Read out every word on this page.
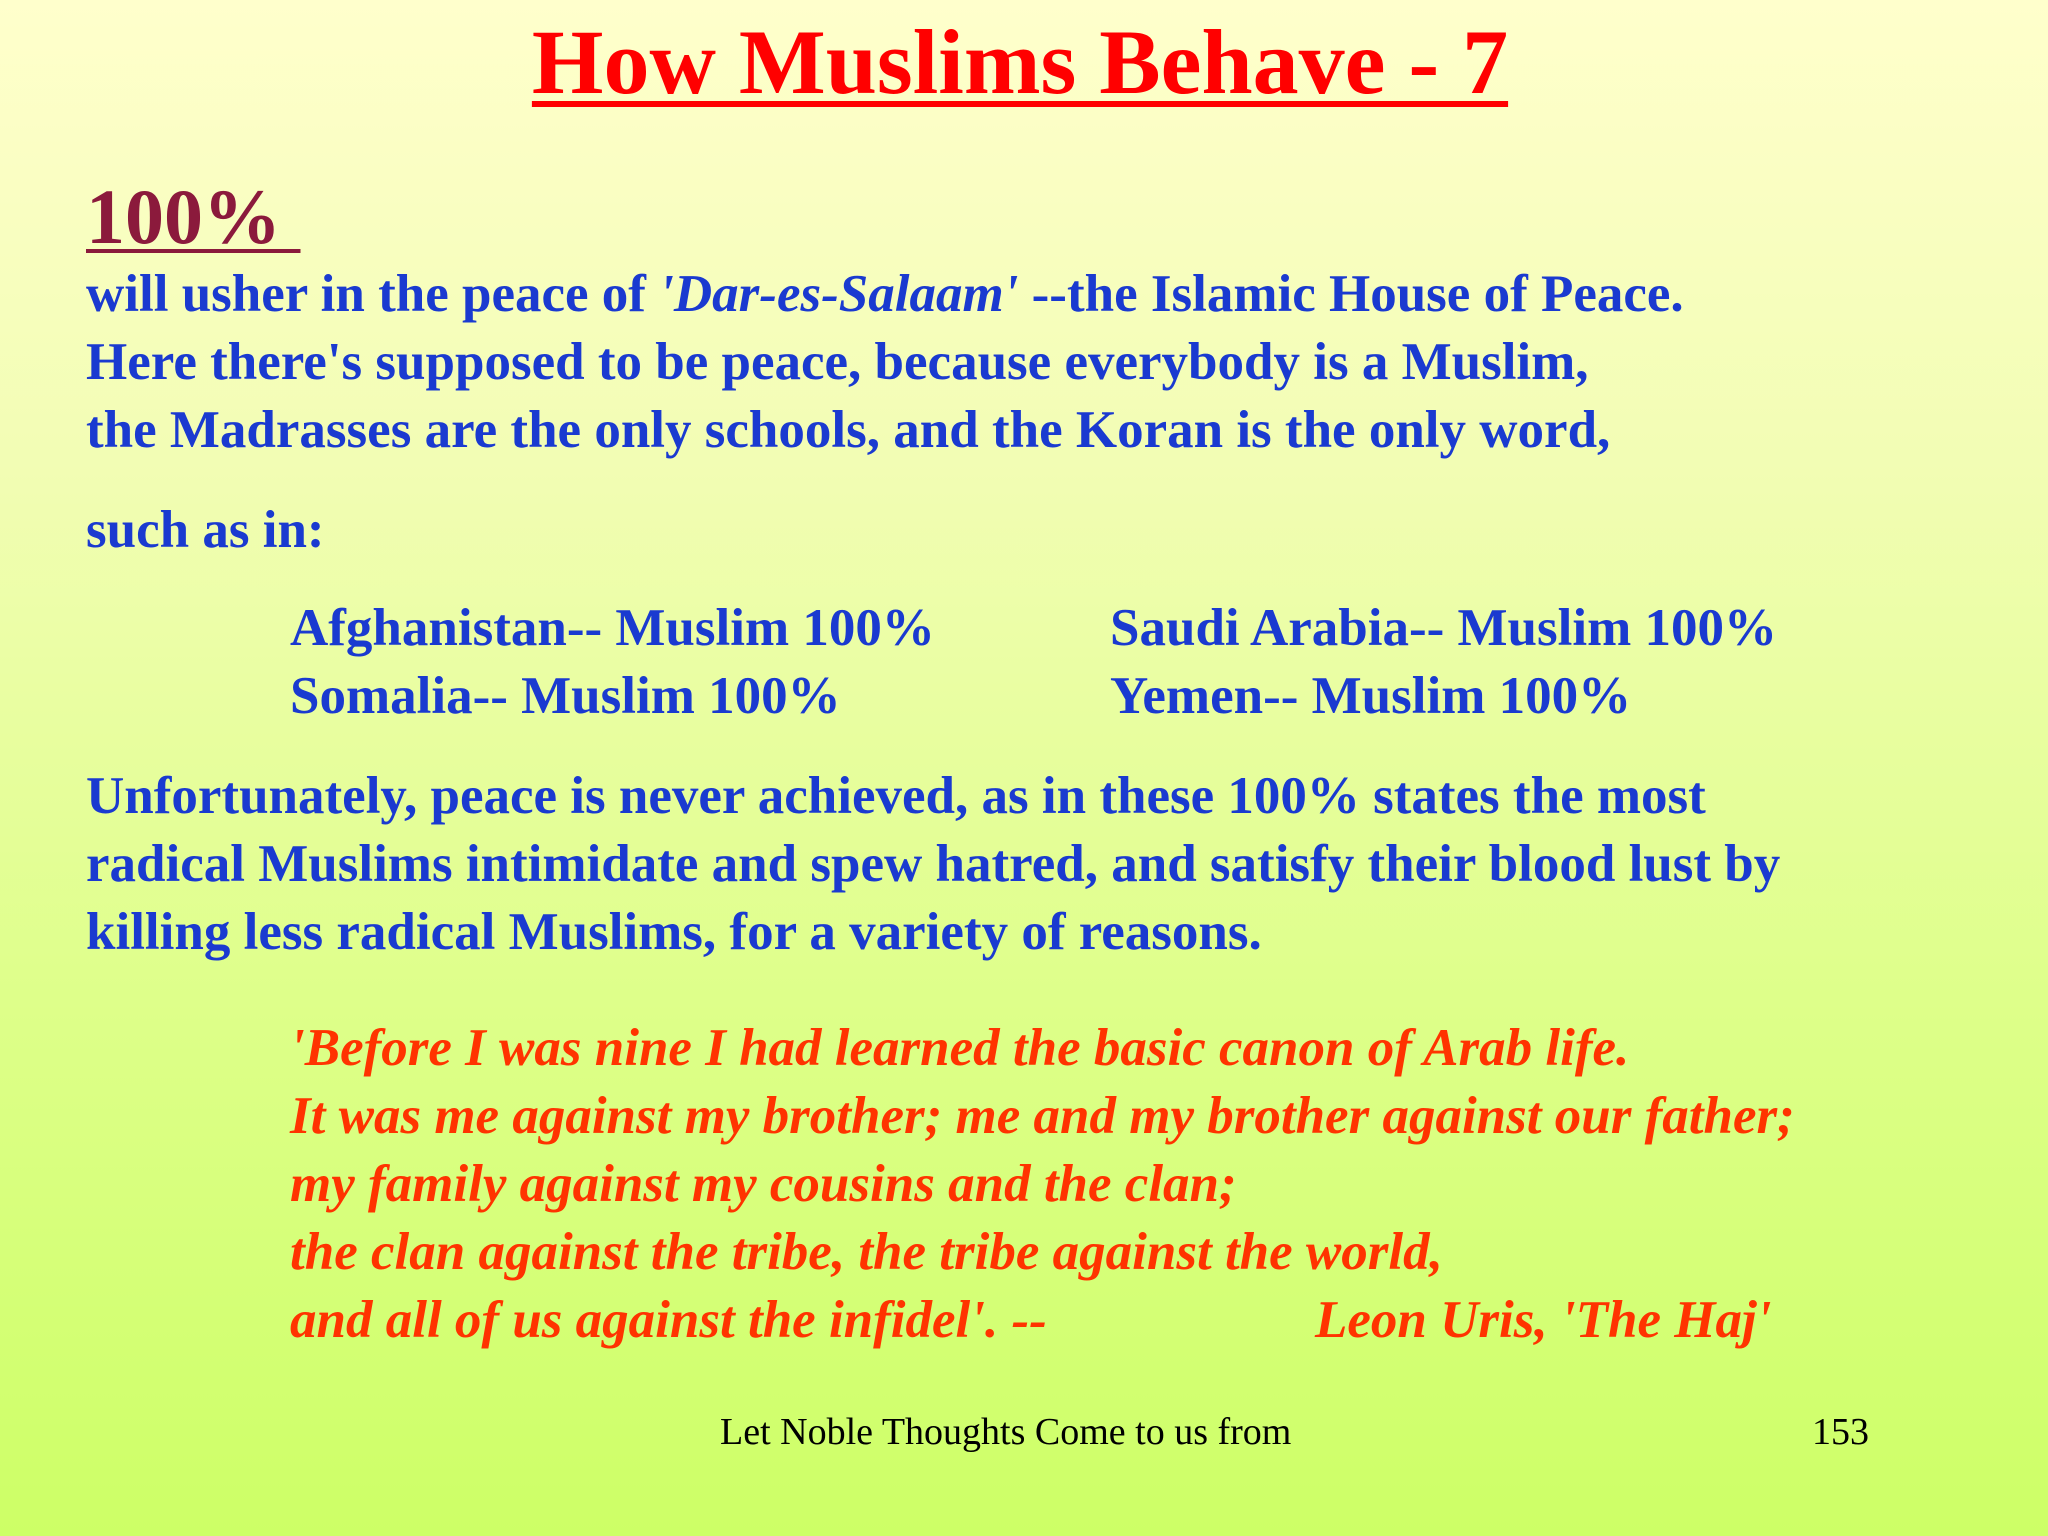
How Muslims Behave - 7
100%
will usher in the peace of 'Dar-es-Salaam' --the Islamic House of Peace.
Here there's supposed to be peace, because everybody is a Muslim,
the Madrasses are the only schools, and the Koran is the only word,
such as in:
Afghanistan-- Muslim 100%	Saudi Arabia-- Muslim 100%
Somalia-- Muslim 100%	Yemen-- Muslim 100%
Unfortunately, peace is never achieved, as in these 100% states the most
radical Muslims intimidate and spew hatred, and satisfy their blood lust by
killing less radical Muslims, for a variety of reasons.
'Before I was nine I had learned the basic canon of Arab life.
It was me against my brother; me and my brother against our father;
my family against my cousins and the clan;
the clan against the tribe, the tribe against the world,
and all of us against the infidel'. --	Leon Uris, 'The Haj'
Let Noble Thoughts Come to us from	153
